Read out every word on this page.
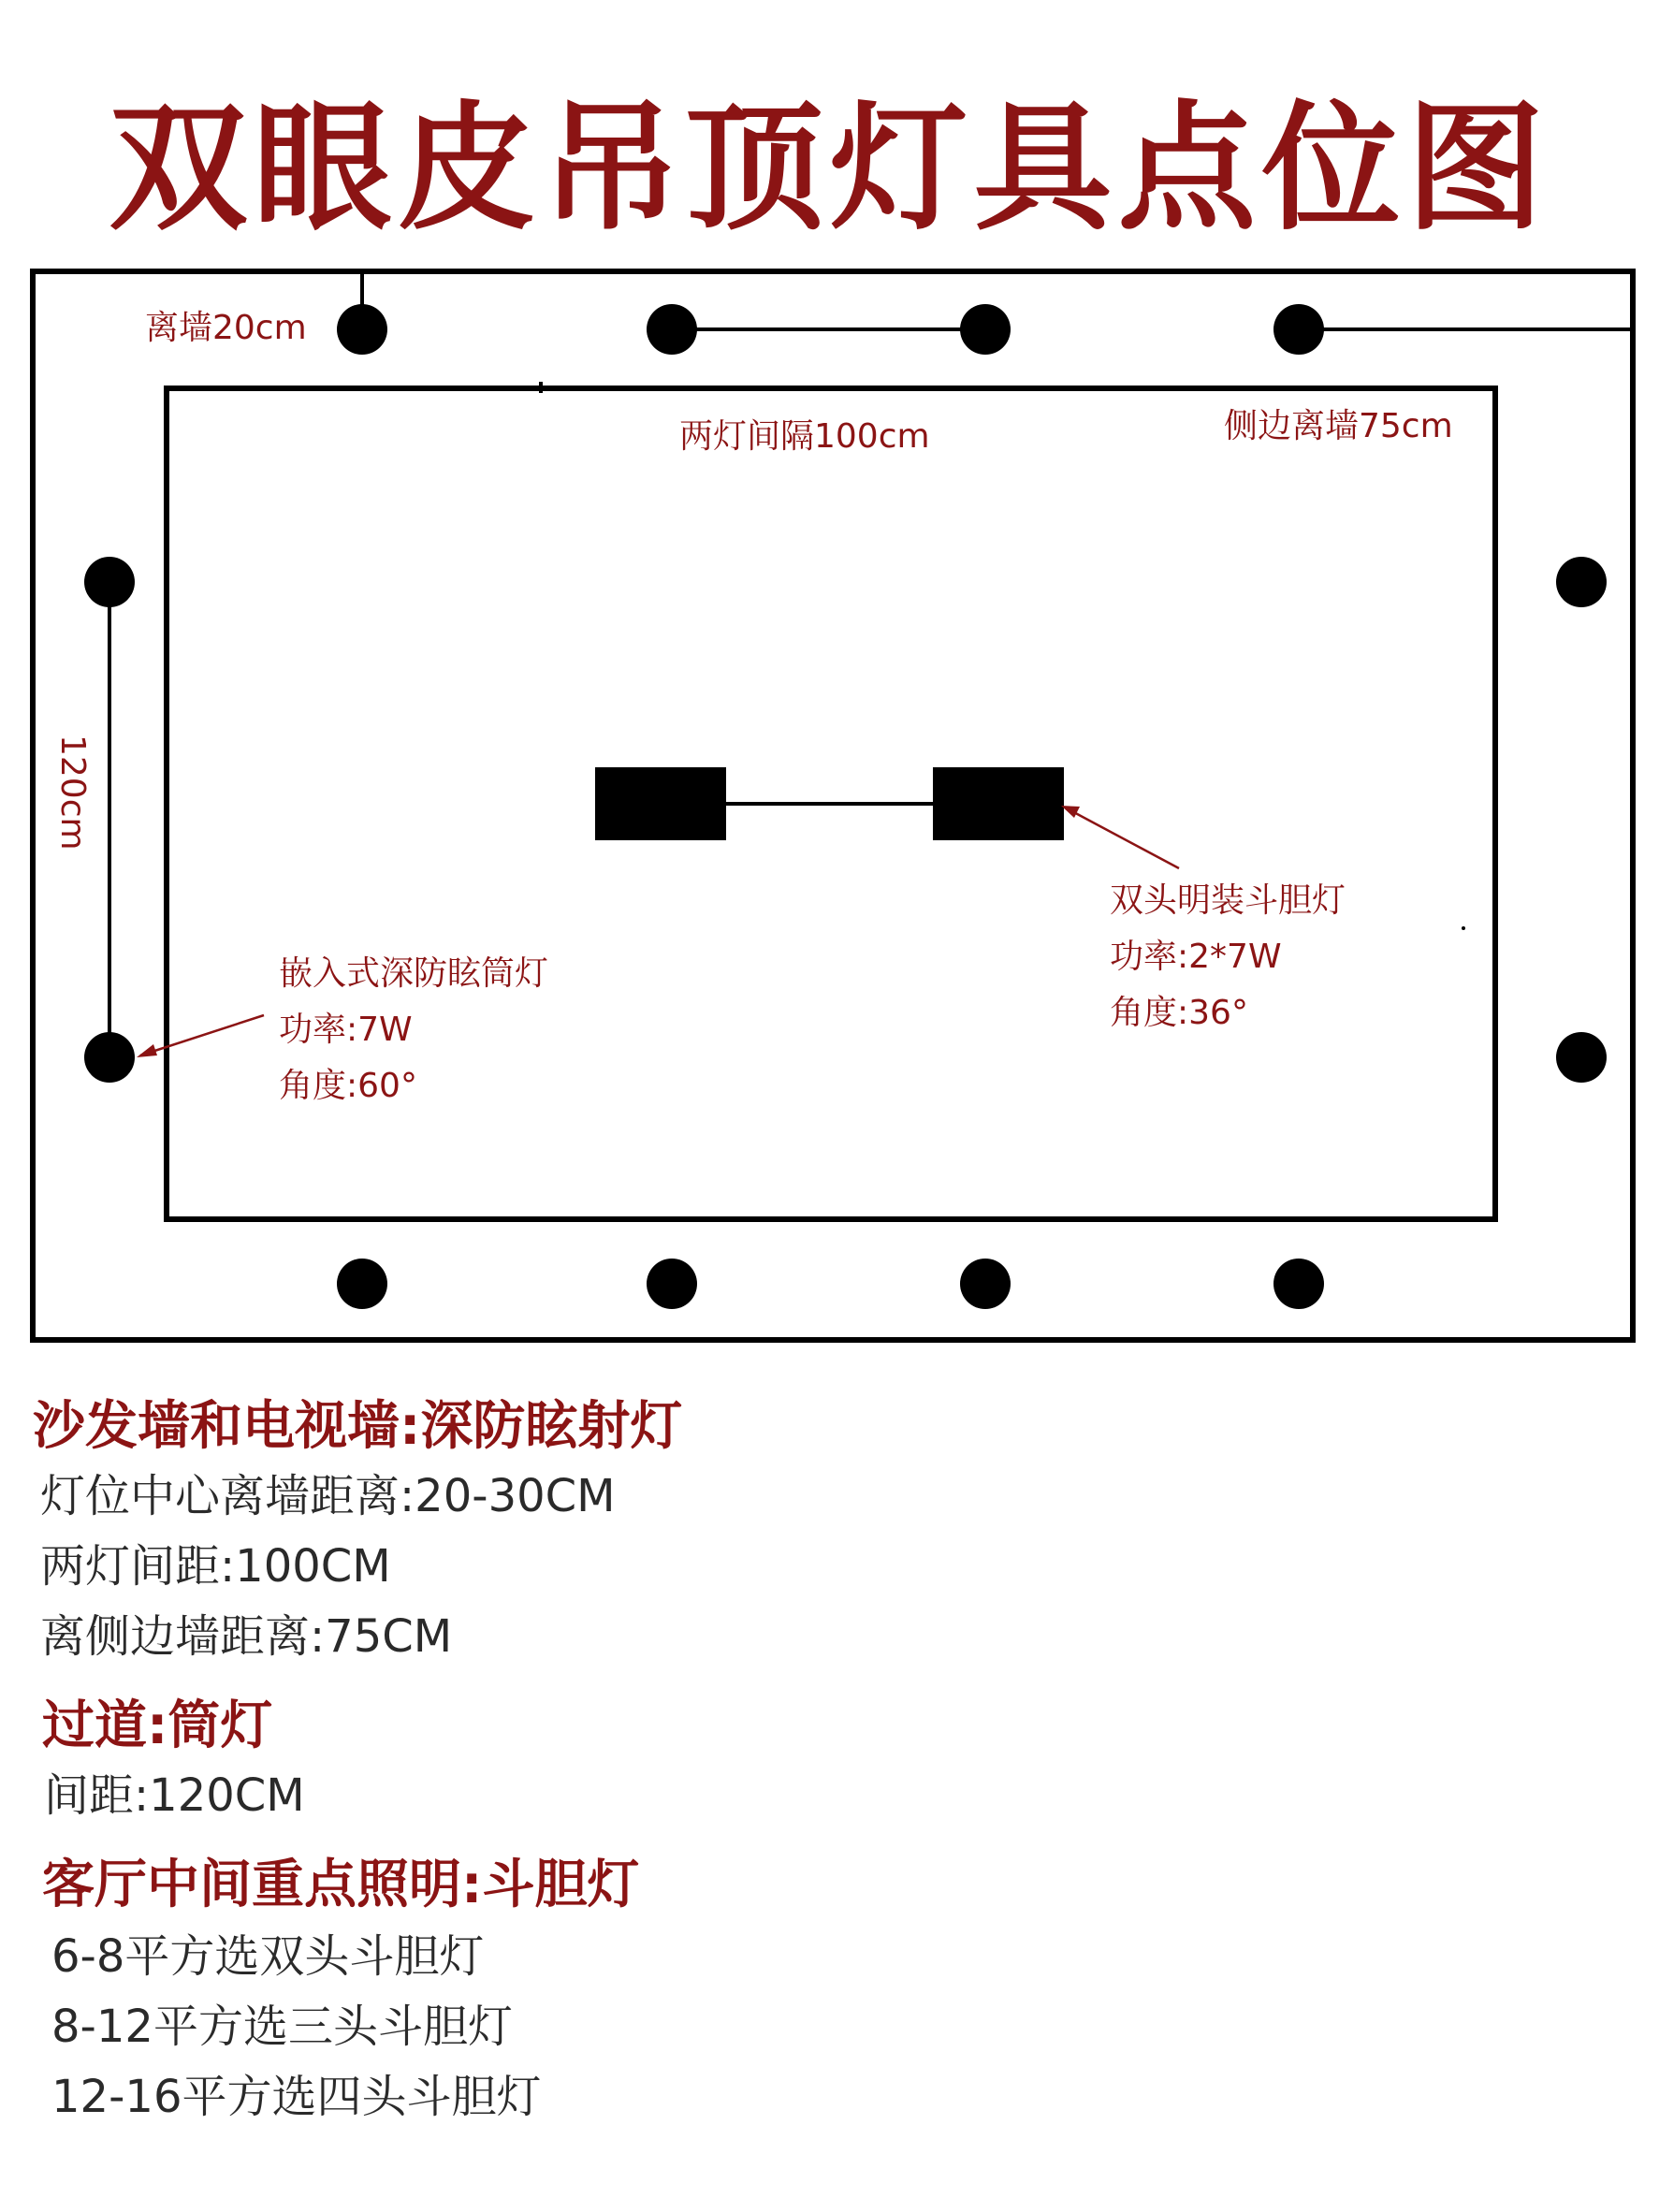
双眼皮吊顶灯具点位图
离墙20cm
两灯间隔100cm	侧边离墙75cm
120cm
嵌入式深防眩筒灯
功率:7W
角度:60°
双头明装斗胆灯
功率:2*7W
角度:36°
沙发墙和电视墙:深防眩射灯
灯位中心离墙距离:20-30CM
两灯间距:100CM
离侧边墙距离:75CM
过道:筒灯
间距:120CM
客厅中间重点照明:斗胆灯
6-8平方选双头斗胆灯
8-12平方选三头斗胆灯
12-16平方选四头斗胆灯
